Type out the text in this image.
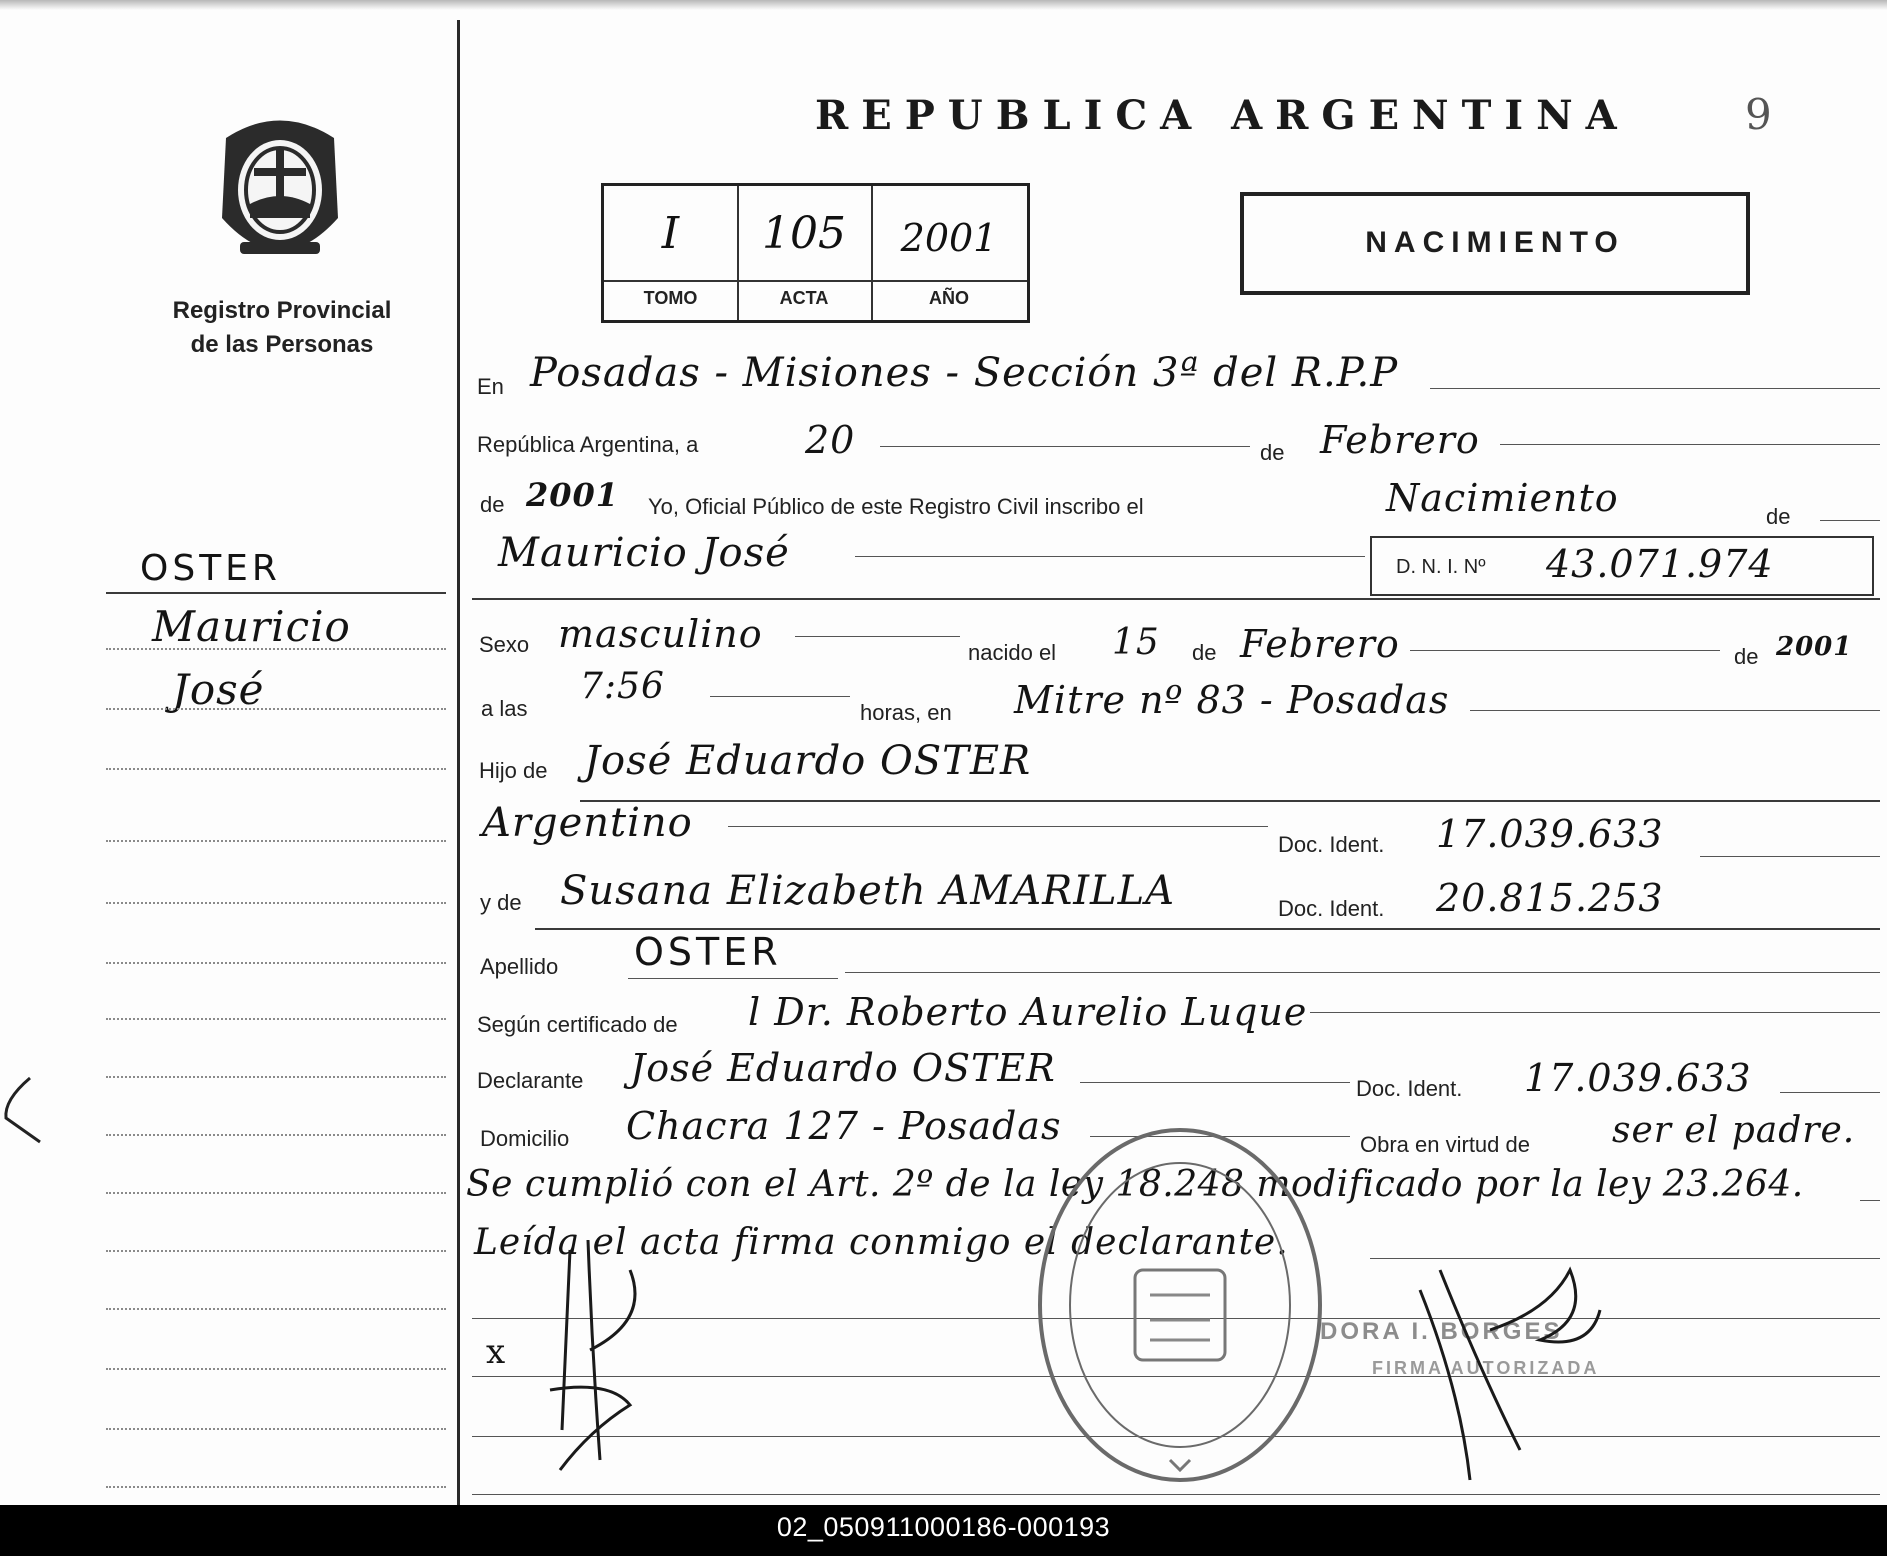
Registro Provincial
de las Personas
OSTER
Mauricio
José
REPUBLICA ARGENTINA	9
I	105	2001
TOMO	ACTA	AÑO
NACIMIENTO
En Posadas - Misiones - Sección 3ª del R.P.P
República Argentina, a	20	de Febrero
de 2001 Yo, Oficial Público de este Registro Civil inscribo el	Nacimiento	de
Mauricio José	D. N. I. Nº 43.071.974
Sexo masculino	nacido el 15 de Febrero	de 2001
a las
7:56
horas, en Mitre nº 83 - Posadas
Hijo de José Eduardo OSTER
Argentino	Doc. Ident. 17.039.633
y de Susana Elizabeth AMARILLA	Doc. Ident. 20.815.253
Apellido OSTER
Según certificado de l Dr. Roberto Aurelio Luque
Declarante José Eduardo OSTER	Doc. Ident. 17.039.633
Domicilio Chacra 127 - Posadas	Obra en virtud de ser el padre.
Se cumplió con el Art. 2º de la ley 18.248 modificado por la ley 23.264.
Leída el acta firma conmigo el declarante.
x
DORA I. BORGES
FIRMA AUTORIZADA
02_050911000186-000193
